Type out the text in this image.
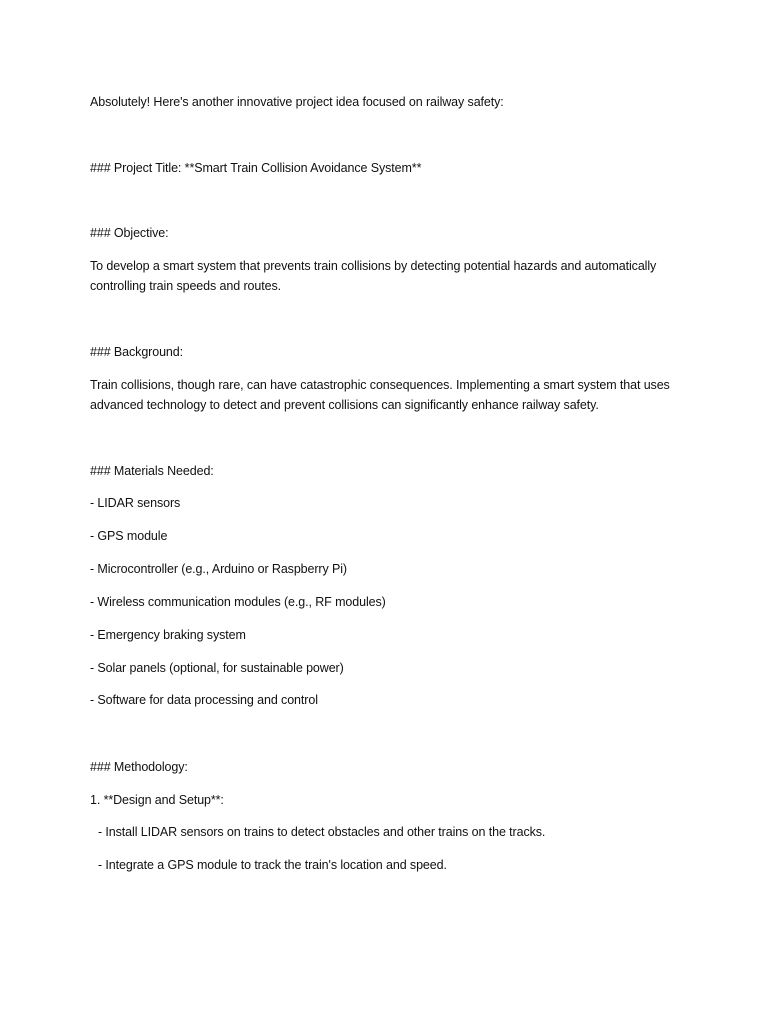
Absolutely! Here's another innovative project idea focused on railway safety:

### Project Title: **Smart Train Collision Avoidance System**

### Objective:

To develop a smart system that prevents train collisions by detecting potential hazards and automatically controlling train speeds and routes.

### Background:

Train collisions, though rare, can have catastrophic consequences. Implementing a smart system that uses advanced technology to detect and prevent collisions can significantly enhance railway safety.

### Materials Needed:

- LIDAR sensors

- GPS module

- Microcontroller (e.g., Arduino or Raspberry Pi)

- Wireless communication modules (e.g., RF modules)

- Emergency braking system

- Solar panels (optional, for sustainable power)

- Software for data processing and control

### Methodology:

1. **Design and Setup**:

- Install LIDAR sensors on trains to detect obstacles and other trains on the tracks.

- Integrate a GPS module to track the train's location and speed.
